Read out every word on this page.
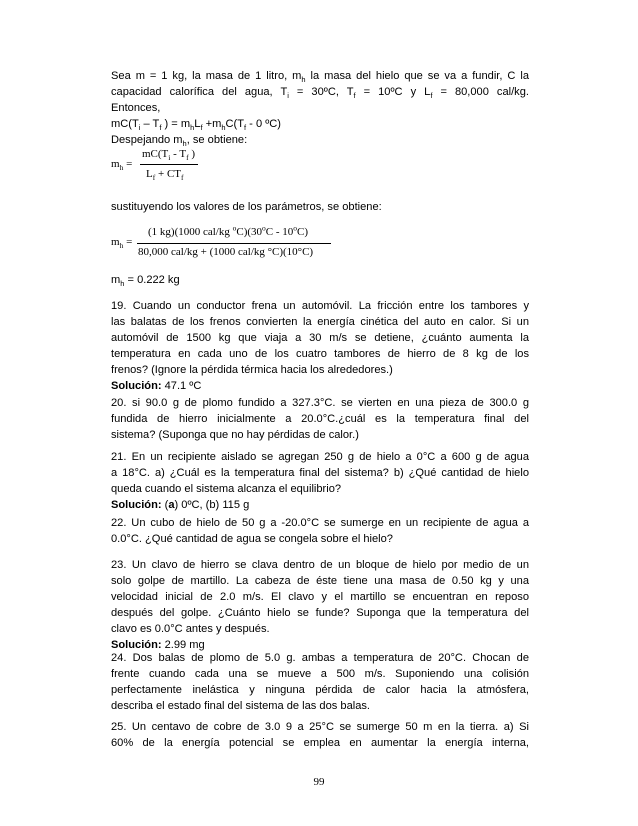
Sea m = 1 kg, la masa de 1 litro, $m_h$ la masa del hielo que se va a fundir, C la
capacidad calorífica del agua, $T_i$ = 30ºC, $T_f$ = 10ºC y $L_f = 80,000$ cal/kg.
Entonces,
$mC(T_i - T_f$ ) = $m_hL_f +m_hC(T_f - 0$ ºC)
Despejando $m_h$, se obtiene:
$m_h$ =
$mC(T_i - T_f$ )
$L_f + CT_f$
sustituyendo los valores de los parámetros, se obtiene:
$m_h$ =
(1 kg)(1000 cal/kg $^o$C)(30$^o$C - 10$^o$C)
80,000 cal/kg + (1000 cal/kg °C)(10°C)
$m_h = 0.222$ kg
19. Cuando un conductor frena un automóvil. La fricción entre los tambores y
las balatas de los frenos convierten la energía cinética del auto en calor. Si un
automóvil de 1500 kg que viaja a 30 m/s se detiene, ¿cuánto aumenta la
temperatura en cada uno de los cuatro tambores de hierro de 8 kg de los
frenos? (Ignore la pérdida térmica hacia los alrededores.)
Solución: 47.1 ºC
20. si 90.0 g de plomo fundido a 327.3°C. se vierten en una pieza de 300.0 g
fundida de hierro inicialmente a 20.0°C.¿cuál es la temperatura final del
sistema? (Suponga que no hay pérdidas de calor.)
21. En un recipiente aislado se agregan 250 g de hielo a 0°C a 600 g de agua
a 18°C. a) ¿Cuál es la temperatura final del sistema? b) ¿Qué cantidad de hielo
queda cuando el sistema alcanza el equilibrio?
Solución: (a) 0ºC, (b) 115 g
22. Un cubo de hielo de 50 g a -20.0°C se sumerge en un recipiente de agua a
0.0°C. ¿Qué cantidad de agua se congela sobre el hielo?
23. Un clavo de hierro se clava dentro de un bloque de hielo por medio de un
solo golpe de martillo. La cabeza de éste tiene una masa de 0.50 kg y una
velocidad inicial de 2.0 m/s. El clavo y el martillo se encuentran en reposo
después del golpe. ¿Cuánto hielo se funde? Suponga que la temperatura del
clavo es 0.0°C antes y después.
Solución: 2.99 mg
24. Dos balas de plomo de 5.0 g. ambas a temperatura de 20°C. Chocan de
frente cuando cada una se mueve a 500 m/s. Suponiendo una colisión
perfectamente inelástica y ninguna pérdida de calor hacia la atmósfera,
describa el estado final del sistema de las dos balas.
25. Un centavo de cobre de 3.0 9 a 25°C se sumerge 50 m en la tierra. a) Si
60% de la energía potencial se emplea en aumentar la energía interna,
99
